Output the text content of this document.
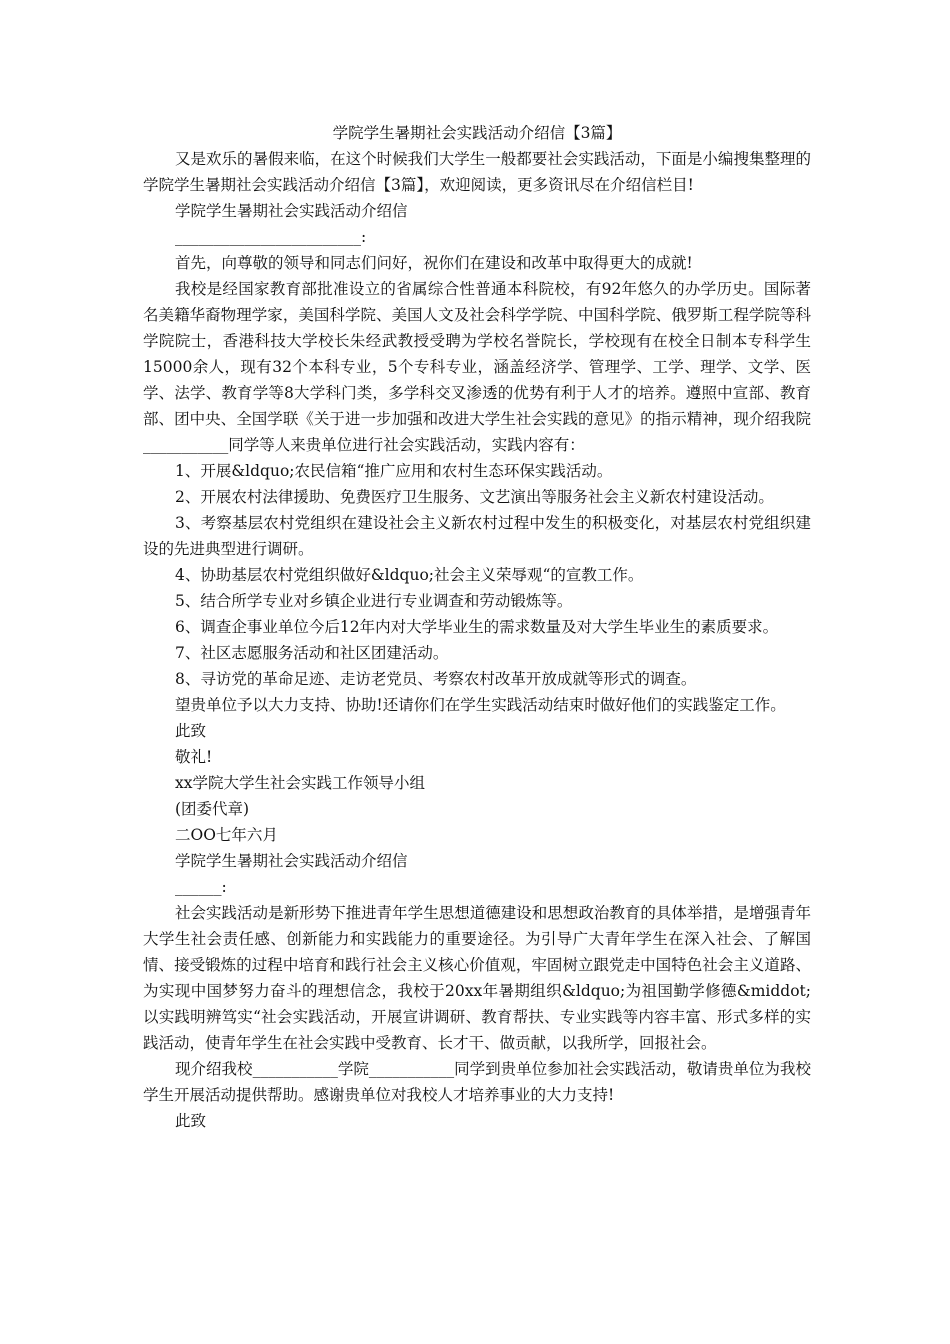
学院学生暑期社会实践活动介绍信【3篇】

又是欢乐的暑假来临，在这个时候我们大学生一般都要社会实践活动，下面是小编搜集整理的学院学生暑期社会实践活动介绍信【3篇】，欢迎阅读，更多资讯尽在介绍信栏目!

学院学生暑期社会实践活动介绍信

________________________:

首先，向尊敬的领导和同志们问好，祝你们在建设和改革中取得更大的成就!

我校是经国家教育部批准设立的省属综合性普通本科院校，有92年悠久的办学历史。国际著名美籍华裔物理学家，美国科学院、美国人文及社会科学学院、中国科学院、俄罗斯工程学院等科学院院士，香港科技大学校长朱经武教授受聘为学校名誉院长，学校现有在校全日制本专科学生15000余人，现有32个本科专业，5个专科专业，涵盖经济学、管理学、工学、理学、文学、医学、法学、教育学等8大学科门类，多学科交叉渗透的优势有利于人才的培养。遵照中宣部、教育部、团中央、全国学联《关于进一步加强和改进大学生社会实践的意见》的指示精神，现介绍我院___________同学等人来贵单位进行社会实践活动，实践内容有：

1、开展&ldquo;农民信箱“推广应用和农村生态环保实践活动。

2、开展农村法律援助、免费医疗卫生服务、文艺演出等服务社会主义新农村建设活动。

3、考察基层农村党组织在建设社会主义新农村过程中发生的积极变化，对基层农村党组织建设的先进典型进行调研。

4、协助基层农村党组织做好&ldquo;社会主义荣辱观“的宣教工作。

5、结合所学专业对乡镇企业进行专业调查和劳动锻炼等。

6、调查企事业单位今后12年内对大学毕业生的需求数量及对大学生毕业生的素质要求。

7、社区志愿服务活动和社区团建活动。

8、寻访党的革命足迹、走访老党员、考察农村改革开放成就等形式的调查。

望贵单位予以大力支持、协助!还请你们在学生实践活动结束时做好他们的实践鉴定工作。

此致

敬礼!

xx学院大学生社会实践工作领导小组

(团委代章)

二OO七年六月

学院学生暑期社会实践活动介绍信

______:

社会实践活动是新形势下推进青年学生思想道德建设和思想政治教育的具体举措，是增强青年大学生社会责任感、创新能力和实践能力的重要途径。为引导广大青年学生在深入社会、了解国情、接受锻炼的过程中培育和践行社会主义核心价值观，牢固树立跟党走中国特色社会主义道路、为实现中国梦努力奋斗的理想信念，我校于20xx年暑期组织&ldquo;为祖国勤学修德&middot;以实践明辨笃实“社会实践活动，开展宣讲调研、教育帮扶、专业实践等内容丰富、形式多样的实践活动，使青年学生在社会实践中受教育、长才干、做贡献，以我所学，回报社会。

现介绍我校___________学院___________同学到贵单位参加社会实践活动，敬请贵单位为我校学生开展活动提供帮助。感谢贵单位对我校人才培养事业的大力支持!

此致
